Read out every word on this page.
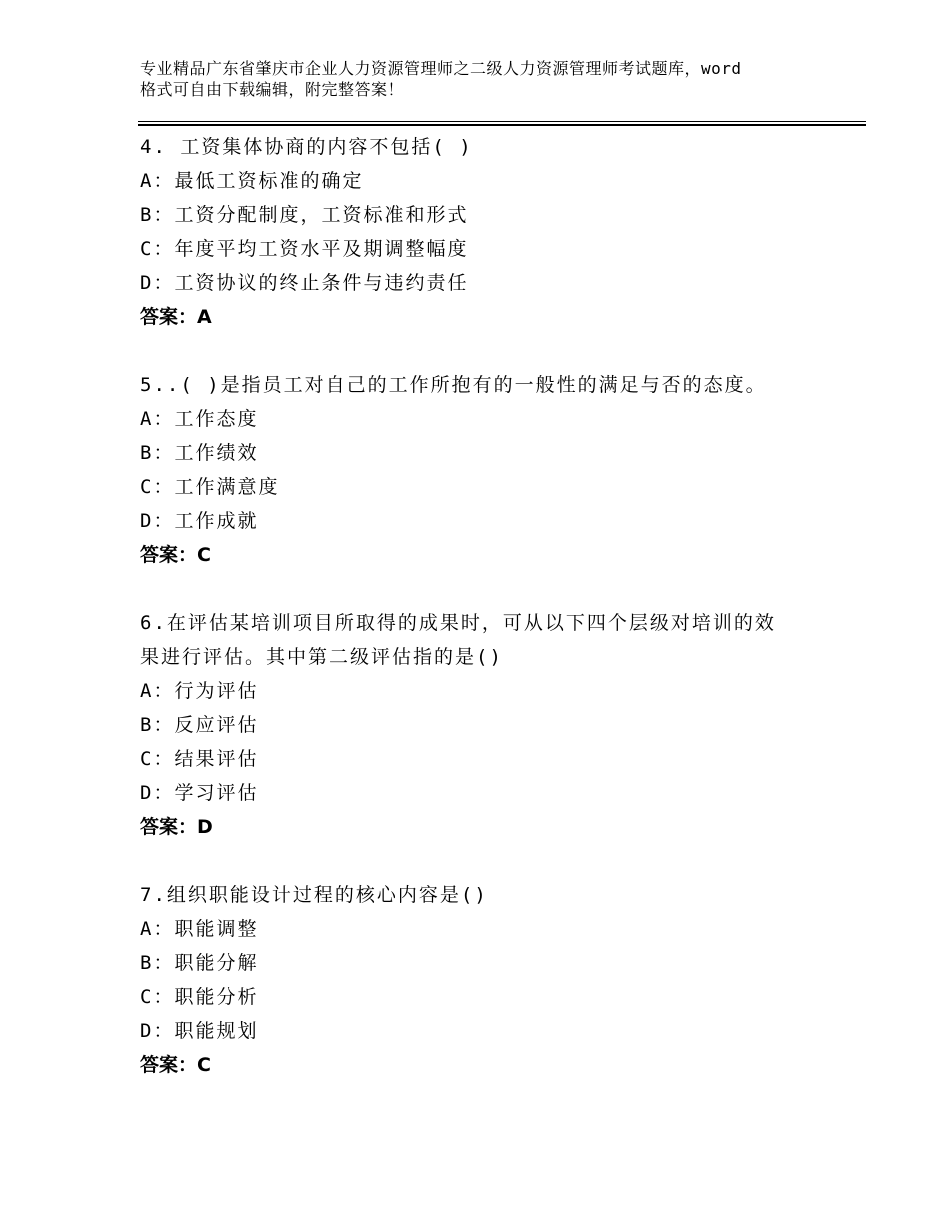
专业精品广东省肇庆市企业人力资源管理师之二级人力资源管理师考试题库，word
格式可自由下载编辑，附完整答案！
4. 工资集体协商的内容不包括( )
A：最低工资标准的确定
B：工资分配制度，工资标准和形式
C：年度平均工资水平及期调整幅度
D：工资协议的终止条件与违约责任
答案：A
5..( )是指员工对自己的工作所抱有的一般性的满足与否的态度。
A：工作态度
B：工作绩效
C：工作满意度
D：工作成就
答案：C
6.在评估某培训项目所取得的成果时，可从以下四个层级对培训的效
果进行评估。其中第二级评估指的是()
A：行为评估
B：反应评估
C：结果评估
D：学习评估
答案：D
7.组织职能设计过程的核心内容是()
A：职能调整
B：职能分解
C：职能分析
D：职能规划
答案：C
